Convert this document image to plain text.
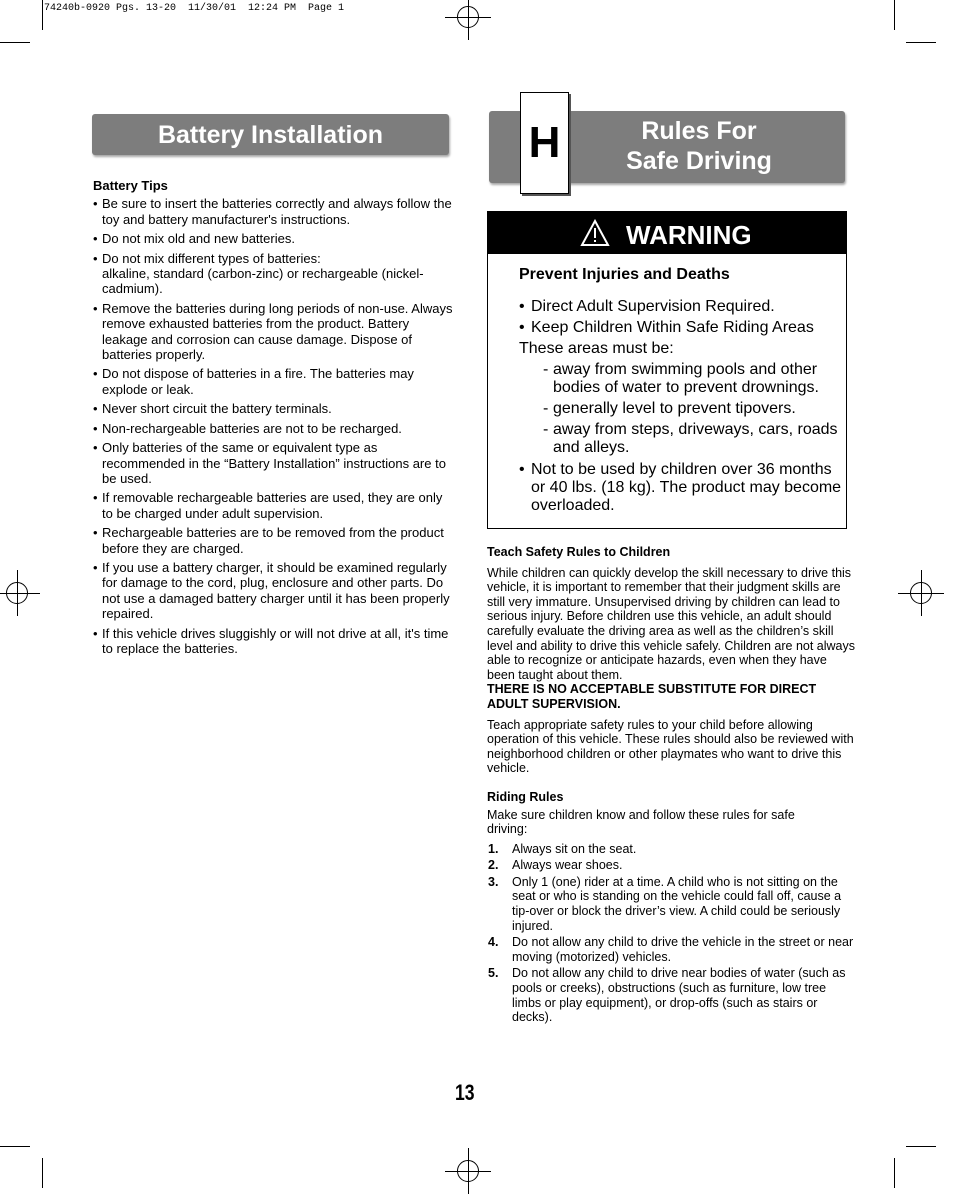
74240b-0920 Pgs. 13-20  11/30/01  12:24 PM  Page 1
Battery Installation
Battery Tips
• Be sure to insert the batteries correctly and always follow the toy and battery manufacturer's instructions.
• Do not mix old and new batteries.
• Do not mix different types of batteries:
alkaline, standard (carbon-zinc) or rechargeable (nickel-cadmium).
• Remove the batteries during long periods of non-use. Always remove exhausted batteries from the product. Battery leakage and corrosion can cause damage. Dispose of batteries properly.
• Do not dispose of batteries in a fire. The batteries may explode or leak.
• Never short circuit the battery terminals.
• Non-rechargeable batteries are not to be recharged.
• Only batteries of the same or equivalent type as recommended in the “Battery Installation” instructions are to be used.
• If removable rechargeable batteries are used, they are only to be charged under adult supervision.
• Rechargeable batteries are to be removed from the product before they are charged.
• If you use a battery charger, it should be examined regularly for damage to the cord, plug, enclosure and other parts. Do not use a damaged battery charger until it has been properly repaired.
• If this vehicle drives sluggishly or will not drive at all, it's time to replace the batteries.
Rules For
Safe Driving
H
WARNING
Prevent Injuries and Deaths
• Direct Adult Supervision Required.
• Keep Children Within Safe Riding Areas
These areas must be:
- away from swimming pools and other bodies of water to prevent drownings.
- generally level to prevent tipovers.
- away from steps, driveways, cars, roads and alleys.
• Not to be used by children over 36 months or 40 lbs. (18 kg). The product may become overloaded.
Teach Safety Rules to Children
While children can quickly develop the skill necessary to drive this vehicle, it is important to remember that their judgment skills are still very immature. Unsupervised driving by children can lead to serious injury. Before children use this vehicle, an adult should carefully evaluate the driving area as well as the children’s skill level and ability to drive this vehicle safely. Children are not always able to recognize or anticipate hazards, even when they have been taught about them.
THERE IS NO ACCEPTABLE SUBSTITUTE FOR DIRECT ADULT SUPERVISION.
Teach appropriate safety rules to your child before allowing operation of this vehicle. These rules should also be reviewed with neighborhood children or other playmates who want to drive this vehicle.
Riding Rules
Make sure children know and follow these rules for safe driving:
1. Always sit on the seat.
2. Always wear shoes.
3. Only 1 (one) rider at a time. A child who is not sitting on the seat or who is standing on the vehicle could fall off, cause a tip-over or block the driver’s view. A child could be seriously injured.
4. Do not allow any child to drive the vehicle in the street or near moving (motorized) vehicles.
5. Do not allow any child to drive near bodies of water (such as pools or creeks), obstructions (such as furniture, low tree limbs or play equipment), or drop-offs (such as stairs or decks).
13
